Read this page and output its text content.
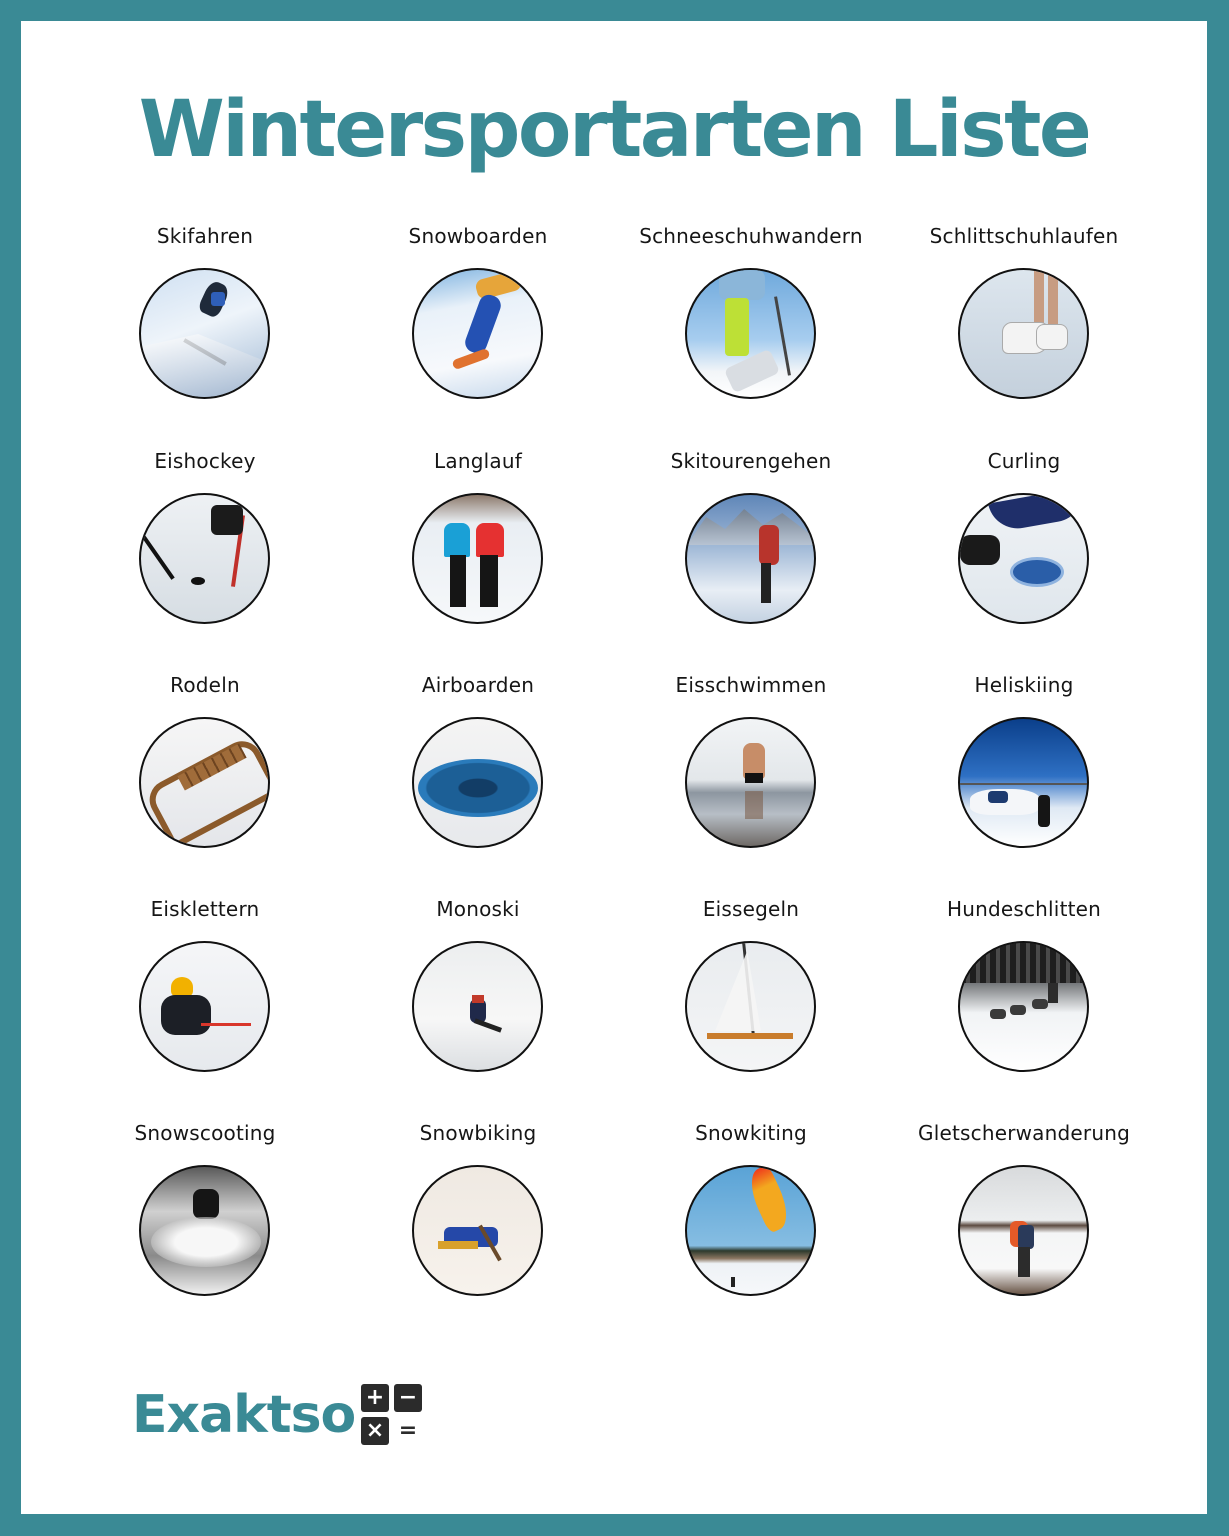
Wintersportarten Liste
Skifahren	Snowboarden	Schneeschuhwandern	Schlittschuhlaufen
Eishockey	Langlauf	Skitourengehen	Curling
Rodeln	Airboarden	Eisschwimmen	Heliskiing
Eisklettern	Monoski	Eissegeln	Hundeschlitten
Snowscooting	Snowbiking	Snowkiting	Gletscherwanderung
Exaktso + −
× =
